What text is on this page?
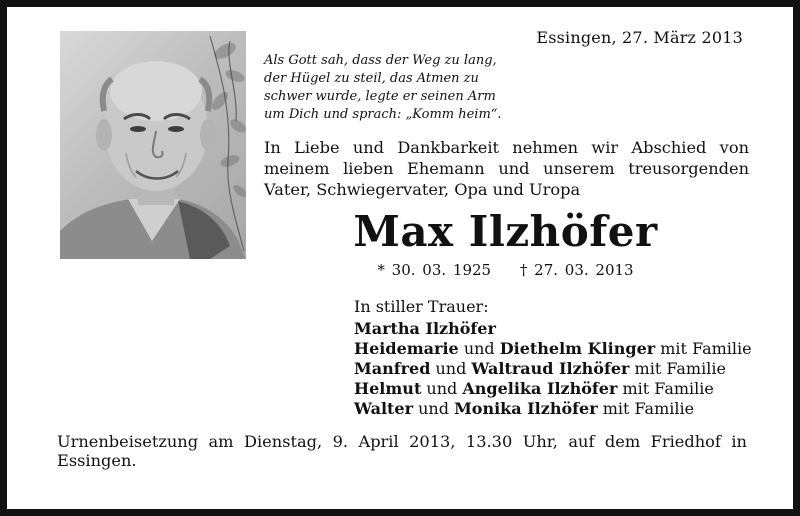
Essingen, 27. März 2013
Als Gott sah, dass der Weg zu lang,
der Hügel zu steil, das Atmen zu
schwer wurde, legte er seinen Arm
um Dich und sprach: „Komm heim“.
In Liebe und Dankbarkeit nehmen wir Abschied von meinem lieben Ehemann und unserem treusorgenden Vater, Schwiegervater, Opa und Uropa
Max Ilzhöfer
* 30. 03. 1925 † 27. 03. 2013
In stiller Trauer:
Martha Ilzhöfer
Heidemarie und Diethelm Klinger mit Familie
Manfred und Waltraud Ilzhöfer mit Familie
Helmut und Angelika Ilzhöfer mit Familie
Walter und Monika Ilzhöfer mit Familie
Urnenbeisetzung am Dienstag, 9. April 2013, 13.30 Uhr, auf dem Friedhof in Essingen.
